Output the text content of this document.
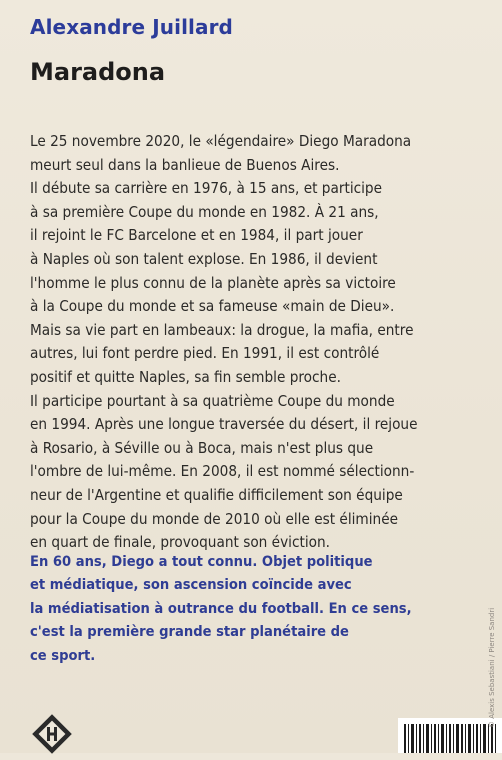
Alexandre Juillard
Maradona
Le 25 novembre 2020, le «légendaire» Diego Maradona
meurt seul dans la banlieue de Buenos Aires.
Il débute sa carrière en 1976, à 15 ans, et participe
à sa première Coupe du monde en 1982. À 21 ans,
il rejoint le FC Barcelone et en 1984, il part jouer
à Naples où son talent explose. En 1986, il devient
l'homme le plus connu de la planète après sa victoire
à la Coupe du monde et sa fameuse «main de Dieu».
Mais sa vie part en lambeaux: la drogue, la mafia, entre
autres, lui font perdre pied. En 1991, il est contrôlé
positif et quitte Naples, sa fin semble proche.
Il participe pourtant à sa quatrième Coupe du monde
en 1994. Après une longue traversée du désert, il rejoue
à Rosario, à Séville ou à Boca, mais n'est plus que
l'ombre de lui-même. En 2008, il est nommé sélectionn-
neur de l'Argentine et qualifie difficilement son équipe
pour la Coupe du monde de 2010 où elle est éliminée
en quart de finale, provoquant son éviction.
En 60 ans, Diego a tout connu. Objet politique
et médiatique, son ascension coïncide avec
la médiatisation à outrance du football. En ce sens,
c'est la première grande star planétaire de
ce sport.	© Alexis Sebastiani / Pierre Sandri
